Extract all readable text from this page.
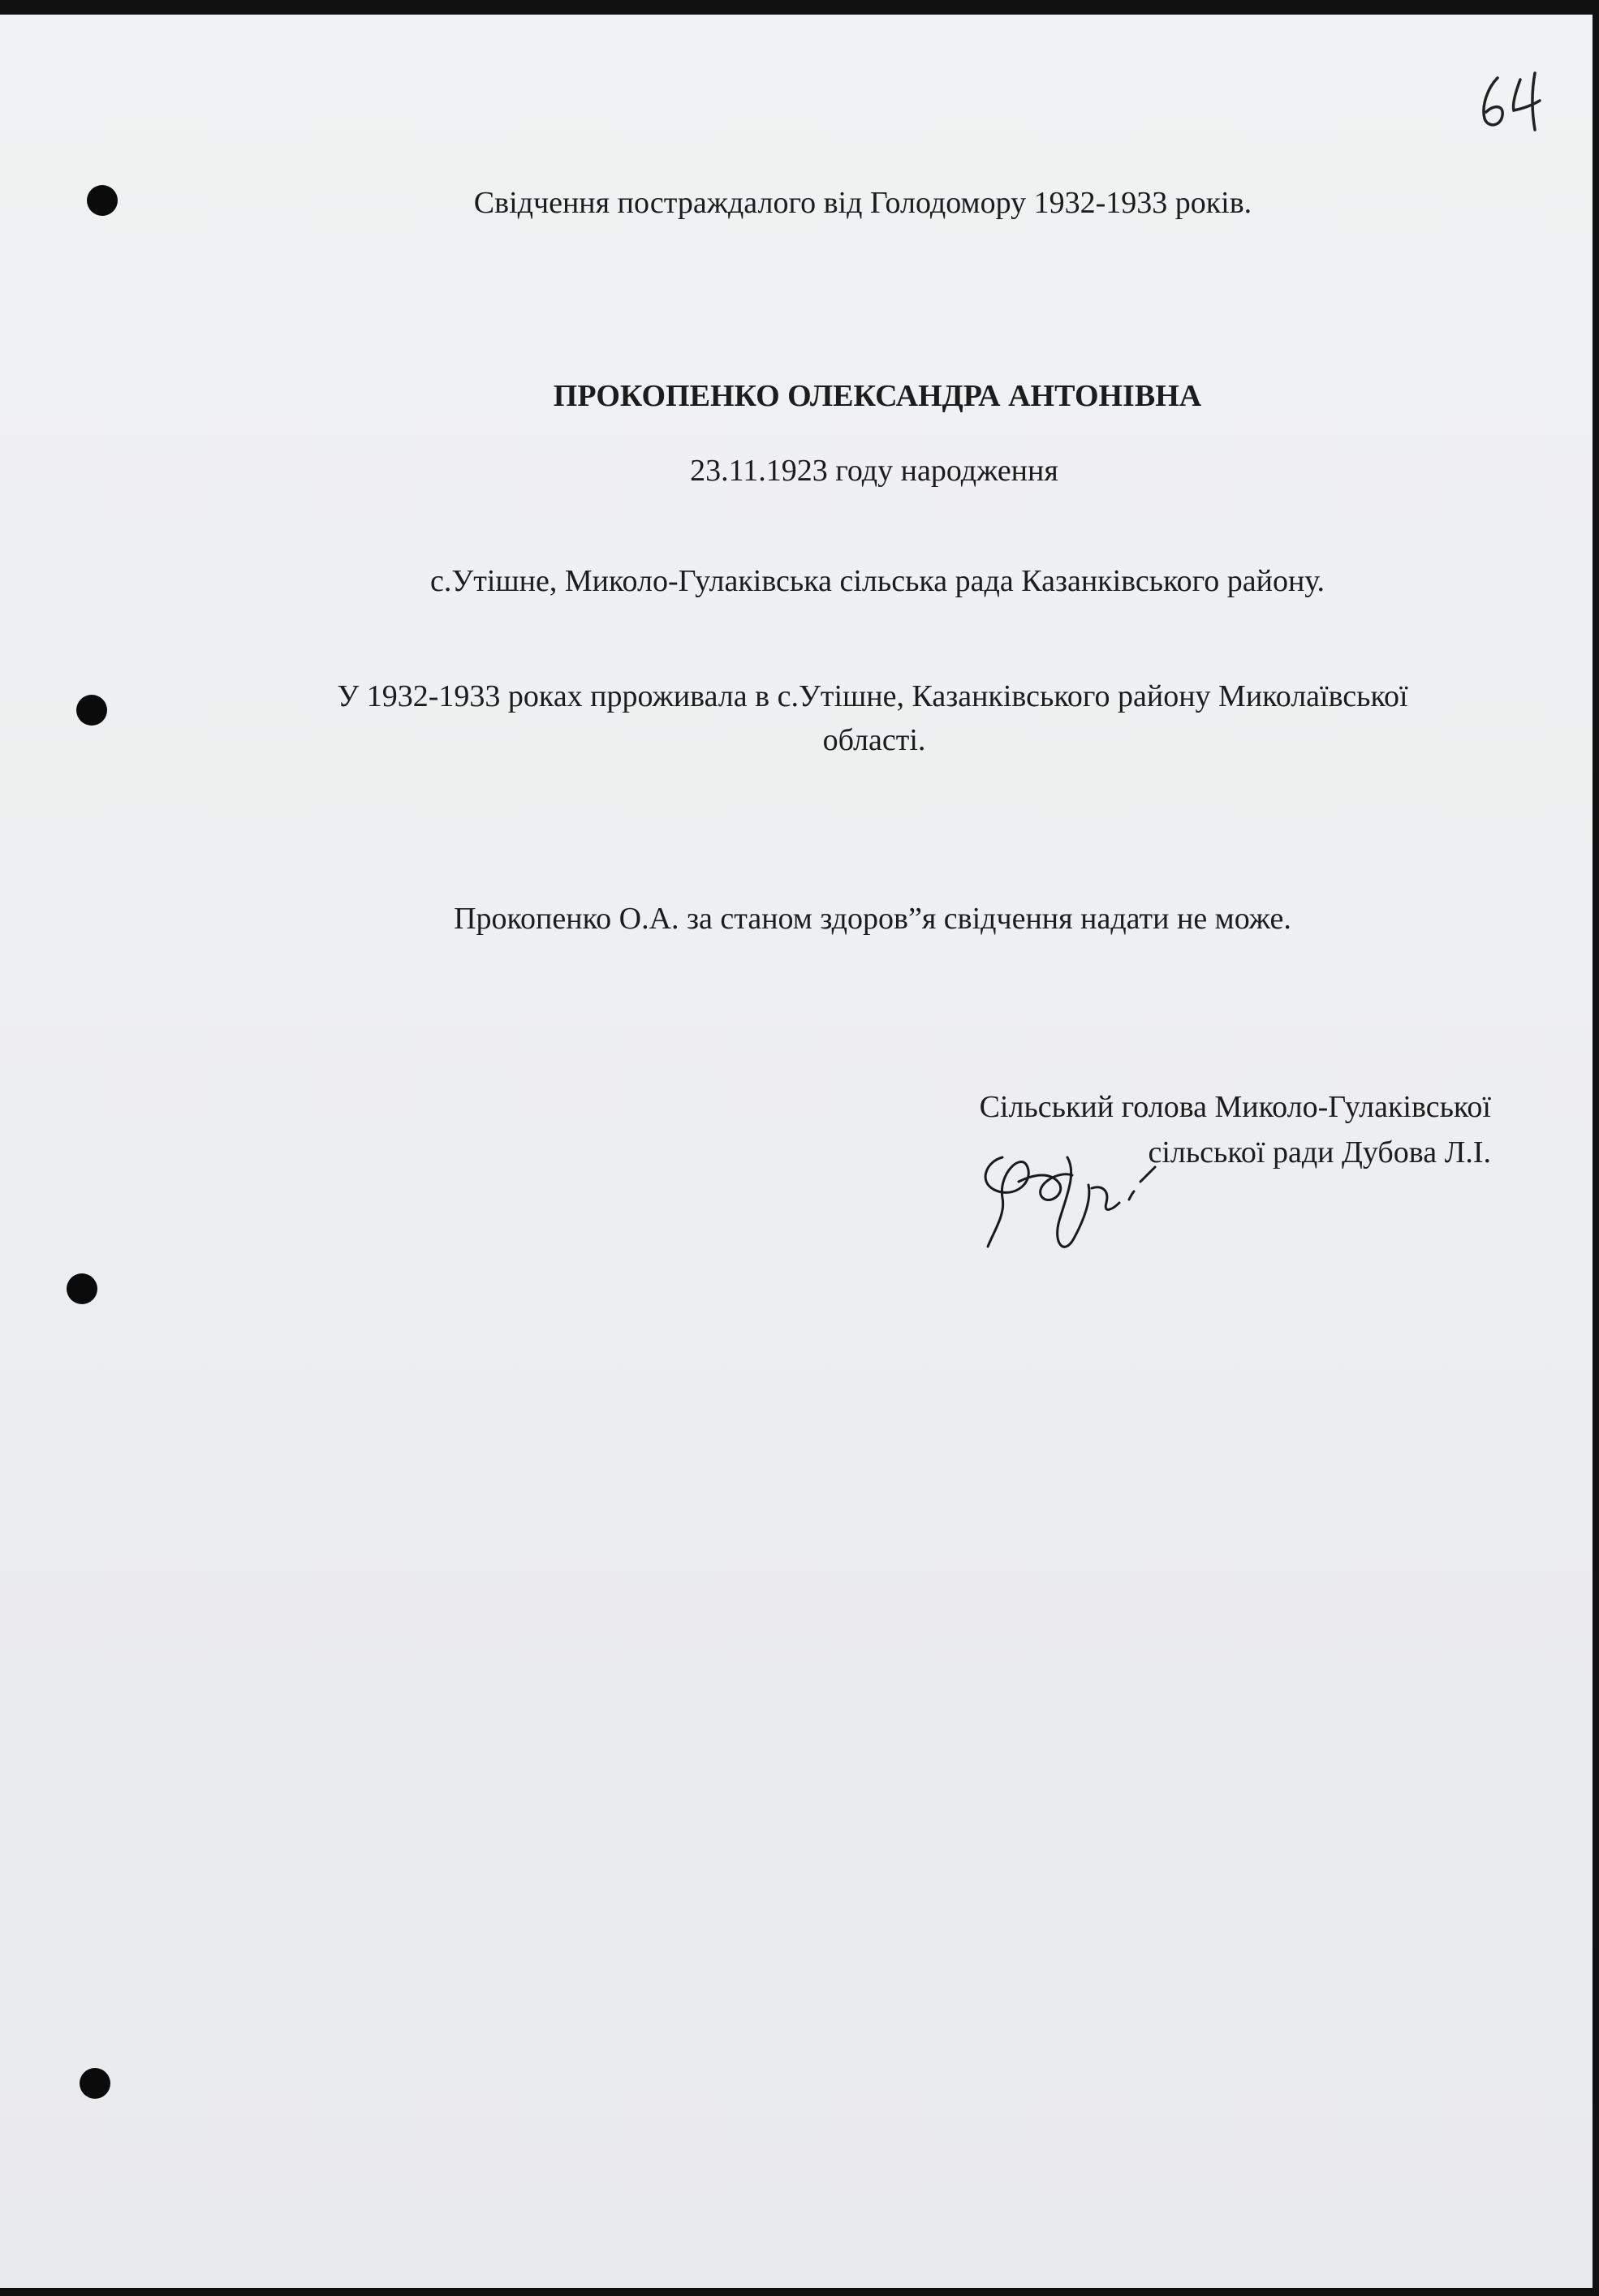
Свідчення постраждалого від Голодомору 1932-1933 років.
ПРОКОПЕНКО ОЛЕКСАНДРА АНТОНІВНА
23.11.1923 году народження
с.Утішне, Миколо-Гулаківська сільська рада Казанківського району.
У 1932-1933 роках прроживала в с.Утішне, Казанківського району Миколаївської
області.
Прокопенко О.А. за станом здоров”я свідчення надати не може.
Сільський голова Миколо-Гулаківської
сільської ради Дубова Л.І.
